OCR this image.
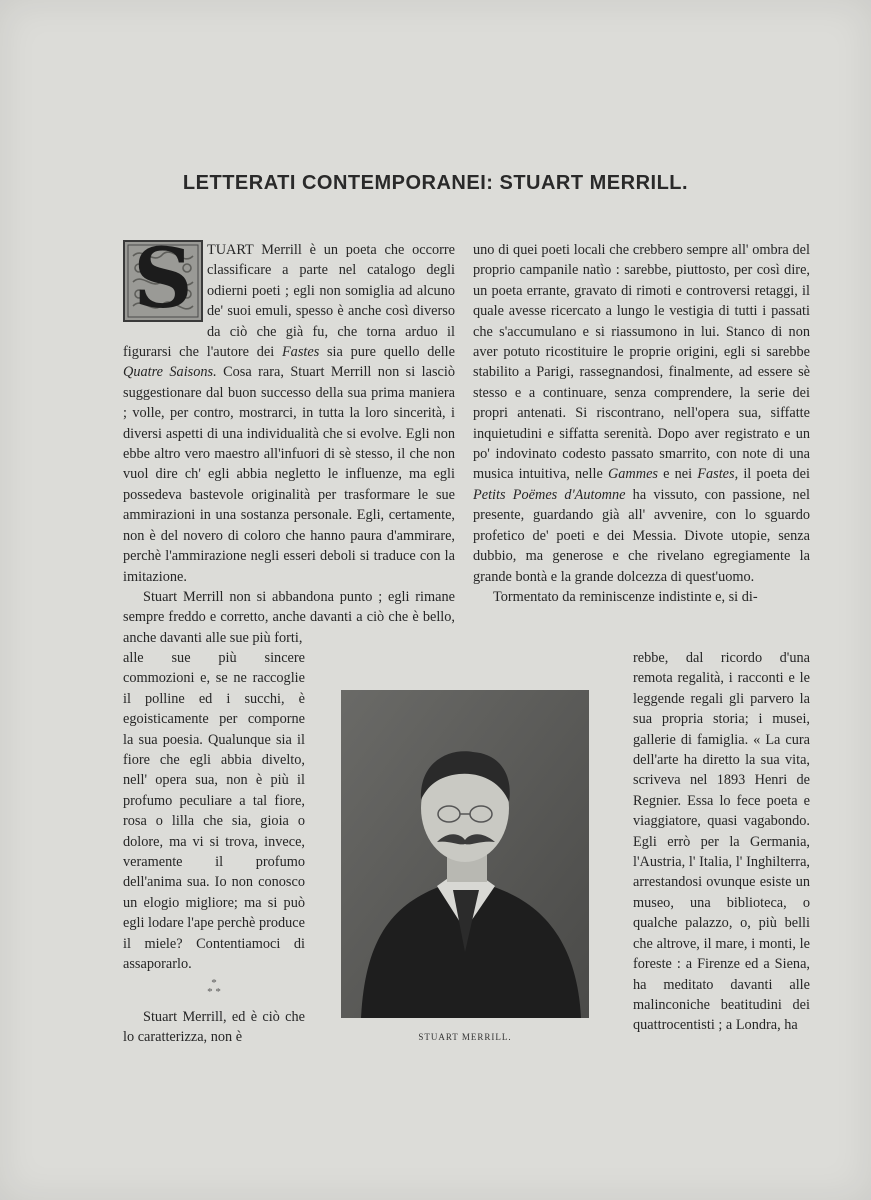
LETTERATI CONTEMPORANEI: STUART MERRILL.
S	TUART Merrill è un poeta che occorre classificare a parte nel catalogo degli odierni poeti ; egli non somiglia ad alcuno de' suoi emuli, spesso è anche così diverso da ciò che già fu, che torna arduo il figurarsi che l'autore dei Fastes sia pure quello delle Quatre Saisons. Cosa rara, Stuart Merrill non si lasciò suggestionare dal buon successo della sua prima maniera ; volle, per contro, mostrarci, in tutta la loro sincerità, i diversi aspetti di una individualità che si evolve. Egli non ebbe altro vero maestro all'infuori di sè stesso, il che non vuol dire ch' egli abbia negletto le influenze, ma egli possedeva bastevole originalità per trasformare le sue ammirazioni in una sostanza personale. Egli, certamente, non è del novero di coloro che hanno paura d'ammirare, perchè l'ammirazione negli esseri deboli si traduce con la imitazione.

Stuart Merrill non si abbandona punto ; egli rimane sempre freddo e corretto, anche davanti a ciò che è bello, anche davanti alle sue più forti,

alle sue più sincere commozioni e, se ne raccoglie il polline ed i succhi, è egoisticamente per comporne la sua poesia. Qualunque sia il fiore che egli abbia divelto, nell' opera sua, non è più il profumo peculiare a tal fiore, rosa o lilla che sia, gioia o dolore, ma vi si trova, invece, veramente il profumo dell'anima sua. Io non conosco un elogio migliore; ma si può egli lodare l'ape perchè produce il miele? Contentiamoci di assaporarlo.

*
* *

Stuart Merrill, ed è ciò che lo caratterizza, non è

uno di quei poeti locali che crebbero sempre all' ombra del proprio campanile natìo : sarebbe, piuttosto, per così dire, un poeta errante, gravato di rimoti e controversi retaggi, il quale avesse ricercato a lungo le vestigia di tutti i passati che s'accumulano e si riassumono in lui. Stanco di non aver potuto ricostituire le proprie origini, egli si sarebbe stabilito a Parigi, rassegnandosi, finalmente, ad essere sè stesso e a continuare, senza comprendere, la serie dei propri antenati. Si riscontrano, nell'opera sua, siffatte inquietudini e siffatta serenità. Dopo aver registrato e un po' indovinato codesto passato smarrito, con note di una musica intuitiva, nelle Gammes e nei Fastes, il poeta dei Petits Poëmes d'Automne ha vissuto, con passione, nel presente, guardando già all' avvenire, con lo sguardo profetico de' poeti e dei Messia. Divote utopie, senza dubbio, ma generose e che rivelano egregiamente la grande bontà e la grande dolcezza di quest'uomo.

Tormentato da reminiscenze indistinte e, si di-

rebbe, dal ricordo d'una remota regalità, i racconti e le leggende regali gli parvero la sua propria storia; i musei, gallerie di famiglia. « La cura dell'arte ha diretto la sua vita, scriveva nel 1893 Henri de Regnier. Essa lo fece poeta e viaggiatore, quasi vagabondo. Egli errò per la Germania, l'Austria, l' Italia, l' Inghilterra, arrestandosi ovunque esiste un museo, una biblioteca, o qualche palazzo, o, più belli che altrove, il mare, i monti, le foreste : a Firenze ed a Siena, ha meditato davanti alle malinconiche beatitudini dei quattrocentisti ; a Londra, ha

STUART MERRILL.
